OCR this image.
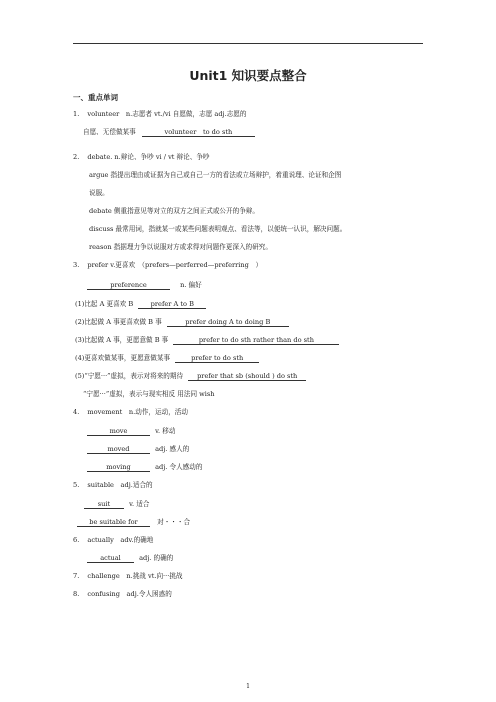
Unit1 知识要点整合
一、重点单词
1. volunteer　n.志愿者 vt./vi 自愿做，志愿 adj.志愿的
自愿、无偿做某事	volunteer　to do sth
2. debate. n.辩论、争吵 vi / vt 辩论、争吵
argue 指提出理由或证据为自己或自己一方的看法或立场辩护，着重说理、论证和企图
说服。
debate 侧重指意见等对立的双方之间正式或公开的争辩。
discuss 最常用词，指就某一或某些问题表明观点、看法等，以便统一认识，解决问题。
reason 指据理力争以说服对方或求得对问题作更深入的研究。
3. prefer v.更喜欢　（prefers—perferred—preferring　）
preference	n. 偏好
(1)比起 A 更喜欢 B	prefer A to B
(2)比起做 A 事更喜欢做 B 事	prefer doing A to doing B
(3)比起做 A 事，更愿意做 B 事	prefer to do sth rather than do sth
(4)更喜欢做某事，更愿意做某事	prefer to do sth
(5)“宁愿···”虚拟，表示对将来的期待 prefer that sb (should ) do sth
“宁愿···”虚拟，表示与现实相反 用法同 wish
4. movement　n.动作，运动，活动
move	v. 移动
moved	adj. 感人的
moving	adj. 令人感动的
5. suitable　adj.适合的
suit	v. 适合
be suitable for	对・・・合
6. actually　adv.的确地
actual	adj. 的确的
7. challenge　n.挑战 vt.向···挑战
8. confusing　adj.令人困惑的
1
